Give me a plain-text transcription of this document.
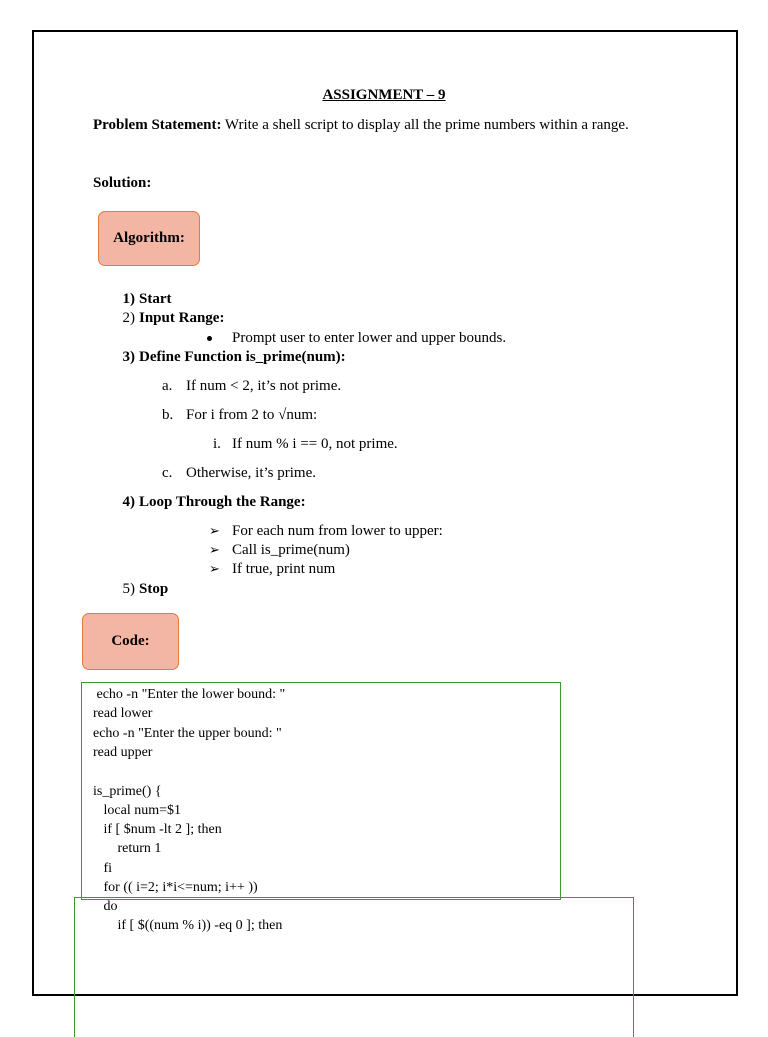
ASSIGNMENT – 9
Problem Statement: Write a shell script to display all the prime numbers within a range.
Solution:
Algorithm:
1) Start
2) Input Range:
Prompt user to enter lower and upper bounds.
3) Define Function is_prime(num):
a. If num < 2, it’s not prime.
b. For i from 2 to √num:
i. If num % i == 0, not prime.
c. Otherwise, it’s prime.
4) Loop Through the Range:
➢ For each num from lower to upper:
➢ Call is_prime(num)
➢ If true, print num
5) Stop
Code:
echo -n "Enter the lower bound: "
read lower
echo -n "Enter the upper bound: "
read upper
is_prime() {
local num=$1
if [ $num -lt 2 ]; then
return 1
fi
for (( i=2; i*i<=num; i++ ))
do
if [ $((num % i)) -eq 0 ]; then
